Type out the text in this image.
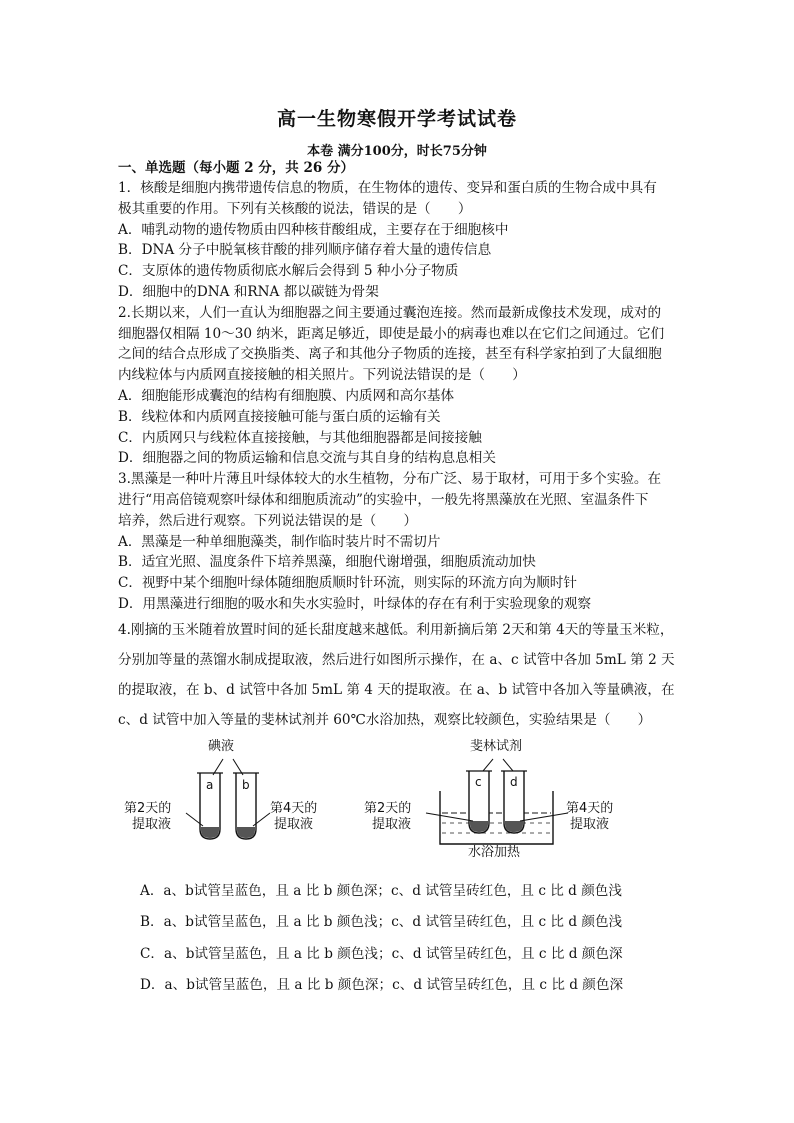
高一生物寒假开学考试试卷
本卷 满分100分，时长75分钟

一、单选题（每小题 2 分，共 26 分）

1．核酸是细胞内携带遗传信息的物质，在生物体的遗传、变异和蛋白质的生物合成中具有

极其重要的作用。下列有关核酸的说法，错误的是（　　）

A．哺乳动物的遗传物质由四种核苷酸组成，主要存在于细胞核中

B．DNA 分子中脱氧核苷酸的排列顺序储存着大量的遗传信息

C．支原体的遗传物质彻底水解后会得到 5 种小分子物质

D．细胞中的DNA 和RNA 都以碳链为骨架

2.长期以来，人们一直认为细胞器之间主要通过囊泡连接。然而最新成像技术发现，成对的

细胞器仅相隔 10～30 纳米，距离足够近，即使是最小的病毒也难以在它们之间通过。它们

之间的结合点形成了交换脂类、离子和其他分子物质的连接，甚至有科学家拍到了大鼠细胞

内线粒体与内质网直接接触的相关照片。下列说法错误的是（　　）

A．细胞能形成囊泡的结构有细胞膜、内质网和高尔基体

B．线粒体和内质网直接接触可能与蛋白质的运输有关

C．内质网只与线粒体直接接触，与其他细胞器都是间接接触

D．细胞器之间的物质运输和信息交流与其自身的结构息息相关

3.黑藻是一种叶片薄且叶绿体较大的水生植物，分布广泛、易于取材，可用于多个实验。在

进行“用高倍镜观察叶绿体和细胞质流动”的实验中，一般先将黑藻放在光照、室温条件下

培养，然后进行观察。下列说法错误的是（　　）

A．黑藻是一种单细胞藻类，制作临时装片时不需切片

B．适宜光照、温度条件下培养黑藻，细胞代谢增强，细胞质流动加快

C．视野中某个细胞叶绿体随细胞质顺时针环流，则实际的环流方向为顺时针

D．用黑藻进行细胞的吸水和失水实验时，叶绿体的存在有利于实验现象的观察

4.刚摘的玉米随着放置时间的延长甜度越来越低。利用新摘后第 2天和第 4天的等量玉米粒，

分别加等量的蒸馏水制成提取液，然后进行如图所示操作，在 a、c 试管中各加 5mL 第 2 天

的提取液，在 b、d 试管中各加 5mL 第 4 天的提取液。在 a、b 试管中各加入等量碘液，在

c、d 试管中加入等量的斐林试剂并 60℃水浴加热，观察比较颜色，实验结果是（　　）

碘液
a b
第2天的
提取液
第4天的
提取液
斐林试剂
c d
第2天的
提取液
第4天的
提取液
水浴加热

A．a、b试管呈蓝色，且 a 比 b 颜色深；c、d 试管呈砖红色，且 c 比 d 颜色浅

B．a、b试管呈蓝色，且 a 比 b 颜色浅；c、d 试管呈砖红色，且 c 比 d 颜色浅

C．a、b试管呈蓝色，且 a 比 b 颜色浅；c、d 试管呈砖红色，且 c 比 d 颜色深

D．a、b试管呈蓝色，且 a 比 b 颜色深；c、d 试管呈砖红色，且 c 比 d 颜色深
